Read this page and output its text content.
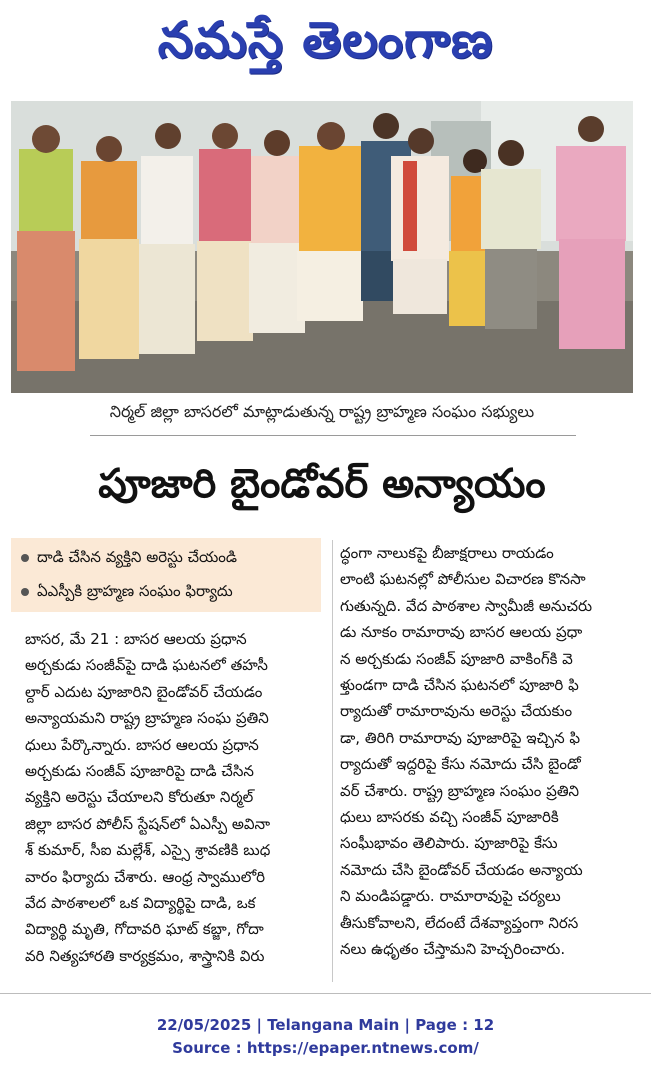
నమస్తే తెలంగాణ
నిర్మల్ జిల్లా బాసరలో మాట్లాడుతున్న రాష్ట్ర బ్రాహ్మణ సంఘం సభ్యులు
పూజారి బైండోవర్ అన్యాయం
దాడి చేసిన వ్యక్తిని అరెస్టు చేయండి
ఏఎస్పీకి బ్రాహ్మణ సంఘం ఫిర్యాదు
బాసర, మే 21 : బాసర ఆలయ ప్రధాన
అర్చకుడు సంజీవ్‌పై దాడి ఘటనలో తహసీ
ల్దార్ ఎదుట పూజారిని బైండోవర్ చేయడం
అన్యాయమని రాష్ట్ర బ్రాహ్మణ సంఘ ప్రతిని
ధులు పేర్కొన్నారు. బాసర ఆలయ ప్రధాన
అర్చకుడు సంజీవ్ పూజారిపై దాడి చేసిన
వ్యక్తిని అరెస్టు చేయాలని కోరుతూ నిర్మల్
జిల్లా బాసర పోలీస్ స్టేషన్‌లో ఏఎస్పీ అవినా
శ్ కుమార్, సీఐ మల్లేశ్, ఎస్సై శ్రావణికి బుధ
వారం ఫిర్యాదు చేశారు. ఆంధ్ర స్వాములోరి
వేద పాఠశాలలో ఒక విద్యార్థిపై దాడి, ఒక
విద్యార్థి మృతి, గోదావరి ఘాట్ కబ్జా, గోదా
వరి నిత్యహారతి కార్యక్రమం, శాస్త్రానికి విరు
ద్ధంగా నాలుకపై బీజాక్షరాలు రాయడం
లాంటి ఘటనల్లో పోలీసుల విచారణ కొనసా
గుతున్నది. వేద పాఠశాల స్వామీజీ అనుచరు
డు నూకం రామారావు బాసర ఆలయ ప్రధా
న అర్చకుడు సంజీవ్ పూజారి వాకింగ్‌కి వె
ళ్తుండగా దాడి చేసిన ఘటనలో పూజారి ఫి
ర్యాదుతో రామారావును అరెస్టు చేయకుం
డా, తిరిగి రామారావు పూజారిపై ఇచ్చిన ఫి
ర్యాదుతో ఇద్దరిపై కేసు నమోదు చేసి బైండో
వర్ చేశారు. రాష్ట్ర బ్రాహ్మణ సంఘం ప్రతిని
ధులు బాసరకు వచ్చి సంజీవ్ పూజారికి
సంఘీభావం తెలిపారు. పూజారిపై కేసు
నమోదు చేసి బైండోవర్ చేయడం అన్యాయ
ని మండిపడ్డారు. రామారావుపై చర్యలు
తీసుకోవాలని, లేదంటే దేశవ్యాప్తంగా నిరస
నలు ఉధృతం చేస్తామని హెచ్చరించారు.
22/05/2025 | Telangana Main | Page : 12
Source : https://epaper.ntnews.com/
